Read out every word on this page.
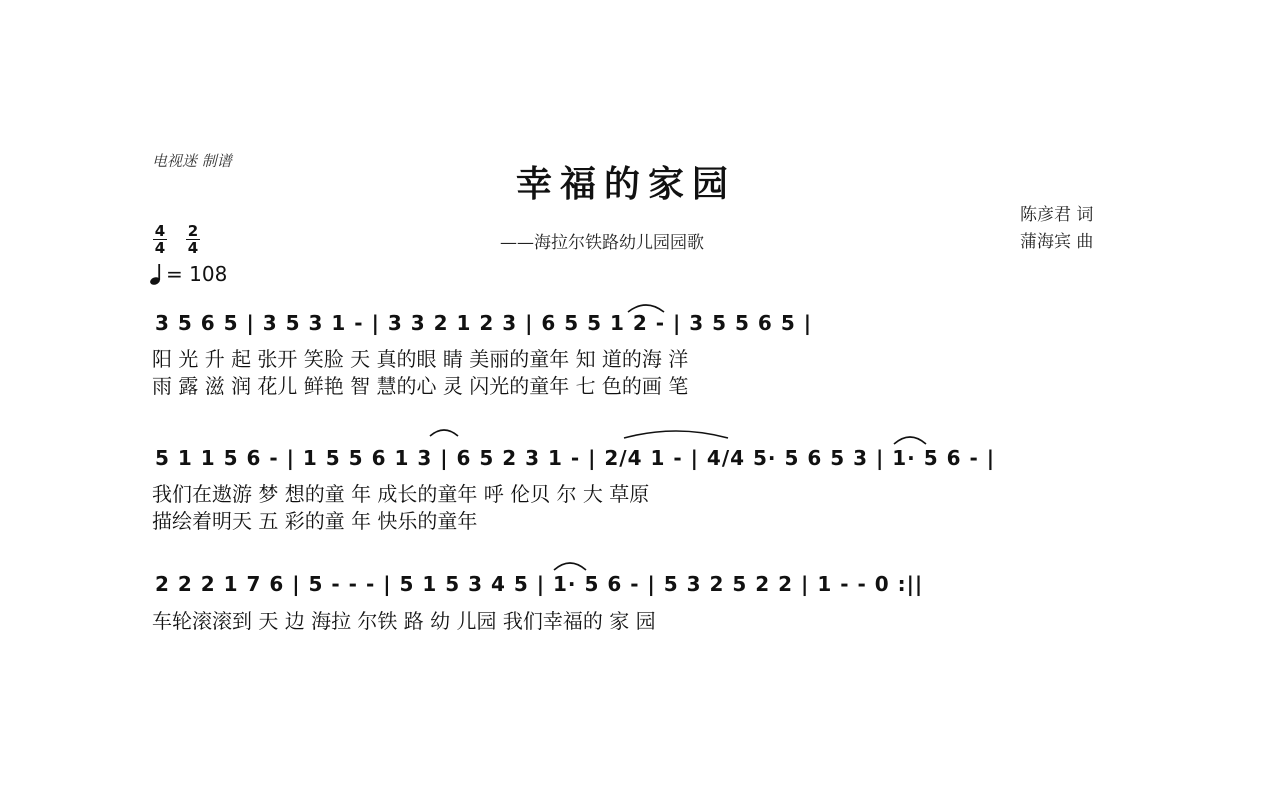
电视迷 制谱
幸福的家园
——海拉尔铁路幼儿园园歌
陈彦君 词
蒲海宾 曲
4
4
2
4
= 108
3 5 6 5 | 3 5 3 1 - | 3 3 2 1 2 3 | 6 5 5 1 2 - | 3 5 5 6 5 |
阳 光 升 起 张开 笑脸 天 真的眼 睛 美丽的童年 知 道的海 洋
雨 露 滋 润 花儿 鲜艳 智 慧的心 灵 闪光的童年 七 色的画 笔
5 1 1 5 6 - | 1 5 5 6 1 3 | 6 5 2 3 1 - | 2/4 1 - | 4/4 5· 5 6 5 3 | 1· 5 6 - |
我们在遨游 梦 想的童 年 成长的童年 呼 伦贝 尔 大 草原
描绘着明天 五 彩的童 年 快乐的童年
2 2 2 1 7 6 | 5 - - - | 5 1 5 3 4 5 | 1· 5 6 - | 5 3 2 5 2 2 | 1 - - 0 :||
车轮滚滚到 天 边 海拉 尔铁 路 幼 儿园 我们幸福的 家 园
